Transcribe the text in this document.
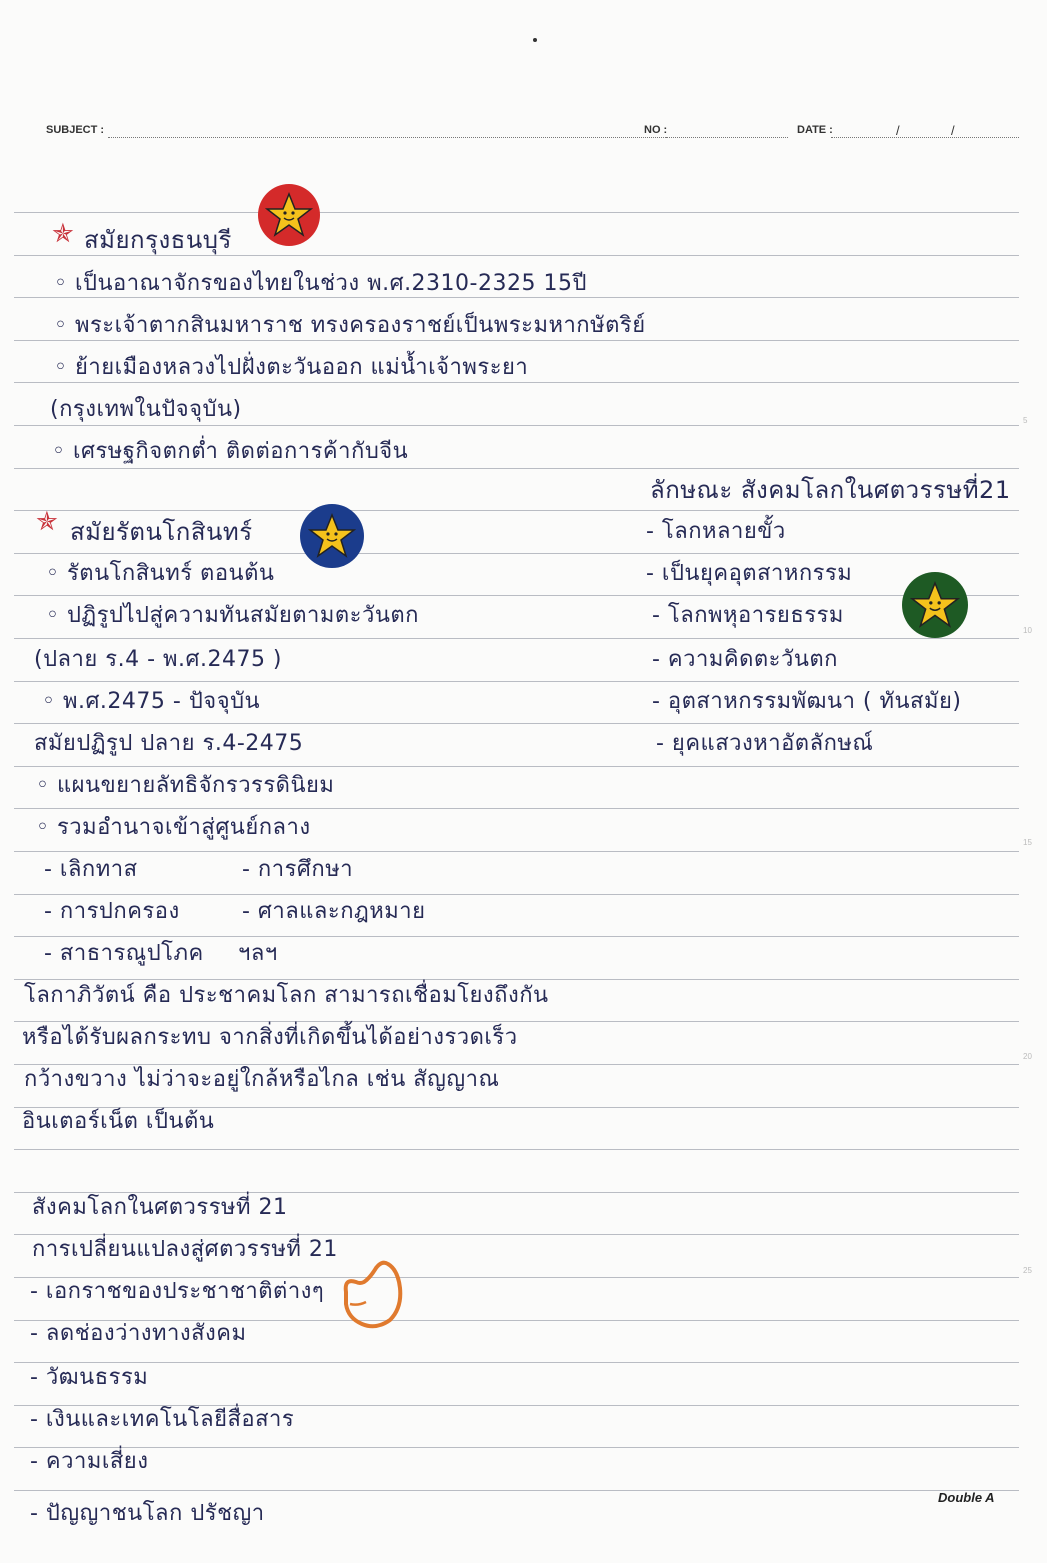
SUBJECT :	NO :	DATE :	/	/
5
10
15
20
25
✯ สมัยกรุงธนบุรี
◦ เป็นอาณาจักรของไทยในช่วง พ.ศ.2310-2325 15ปี
◦ พระเจ้าตากสินมหาราช ทรงครองราชย์เป็นพระมหากษัตริย์
◦ ย้ายเมืองหลวงไปฝั่งตะวันออก แม่น้ำเจ้าพระยา
(กรุงเทพในปัจจุบัน)
◦ เศรษฐกิจตกต่ำ ติดต่อการค้ากับจีน
✯ สมัยรัตนโกสินทร์
◦ รัตนโกสินทร์ ตอนต้น
◦ ปฏิรูปไปสู่ความทันสมัยตามตะวันตก
(ปลาย ร.4 - พ.ศ.2475 )
◦ พ.ศ.2475 - ปัจจุบัน
สมัยปฏิรูป ปลาย ร.4-2475
◦ แผนขยายลัทธิจักรวรรดินิยม
◦ รวมอำนาจเข้าสู่ศูนย์กลาง
- เลิกทาส	- การศึกษา
- การปกครอง	- ศาลและกฎหมาย
- สาธารณูปโภค ฯลฯ
โลกาภิวัตน์ คือ ประชาคมโลก สามารถเชื่อมโยงถึงกัน
หรือได้รับผลกระทบ จากสิ่งที่เกิดขึ้นได้อย่างรวดเร็ว
กว้างขวาง ไม่ว่าจะอยู่ใกล้หรือไกล เช่น สัญญาณ
อินเตอร์เน็ต เป็นต้น
สังคมโลกในศตวรรษที่ 21
การเปลี่ยนแปลงสู่ศตวรรษที่ 21
- เอกราชของประชาชาติต่างๆ
- ลดช่องว่างทางสังคม
- วัฒนธรรม
- เงินและเทคโนโลยีสื่อสาร
- ความเสี่ยง
- ปัญญาชนโลก ปรัชญา
ลักษณะ สังคมโลกในศตวรรษที่21
- โลกหลายขั้ว
- เป็นยุคอุตสาหกรรม
- โลกพหุอารยธรรม
- ความคิดตะวันตก
- อุตสาหกรรมพัฒนา ( ทันสมัย)
- ยุคแสวงหาอัตลักษณ์
Double A
